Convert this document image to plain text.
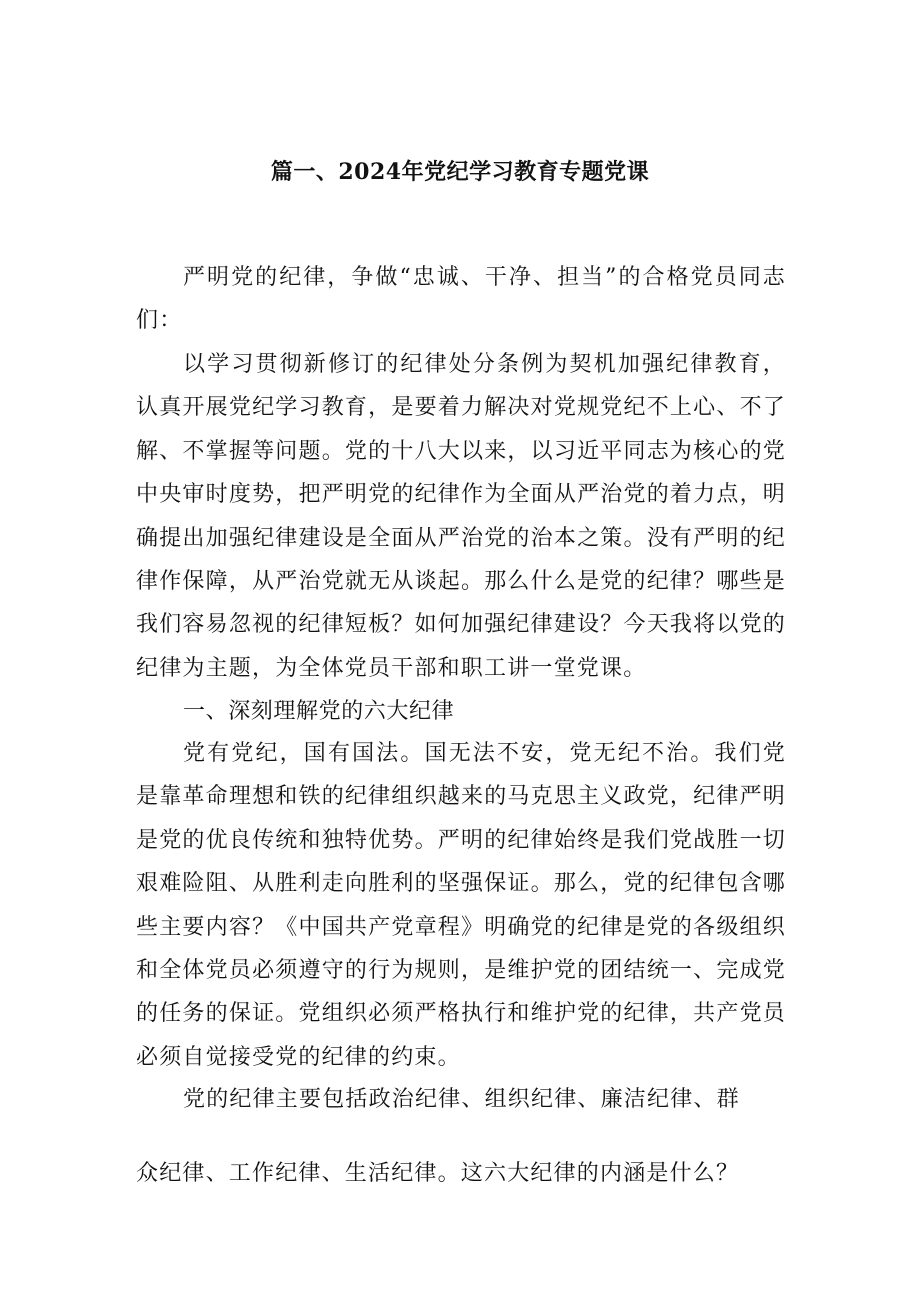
篇一、2024年党纪学习教育专题党课

严明党的纪律，争做“忠诚、干净、担当”的合格党员同志们：

以学习贯彻新修订的纪律处分条例为契机加强纪律教育，认真开展党纪学习教育，是要着力解决对党规党纪不上心、不了解、不掌握等问题。党的十八大以来，以习近平同志为核心的党中央审时度势，把严明党的纪律作为全面从严治党的着力点，明确提出加强纪律建设是全面从严治党的治本之策。没有严明的纪律作保障，从严治党就无从谈起。那么什么是党的纪律？哪些是我们容易忽视的纪律短板？如何加强纪律建设？今天我将以党的纪律为主题，为全体党员干部和职工讲一堂党课。

一、深刻理解党的六大纪律

党有党纪，国有国法。国无法不安，党无纪不治。我们党是靠革命理想和铁的纪律组织越来的马克思主义政党，纪律严明是党的优良传统和独特优势。严明的纪律始终是我们党战胜一切艰难险阻、从胜利走向胜利的坚强保证。那么，党的纪律包含哪些主要内容？《中国共产党章程》明确党的纪律是党的各级组织和全体党员必须遵守的行为规则，是维护党的团结统一、完成党的任务的保证。党组织必须严格执行和维护党的纪律，共产党员必须自觉接受党的纪律的约束。

党的纪律主要包括政治纪律、组织纪律、廉洁纪律、群

众纪律、工作纪律、生活纪律。这六大纪律的内涵是什么？
